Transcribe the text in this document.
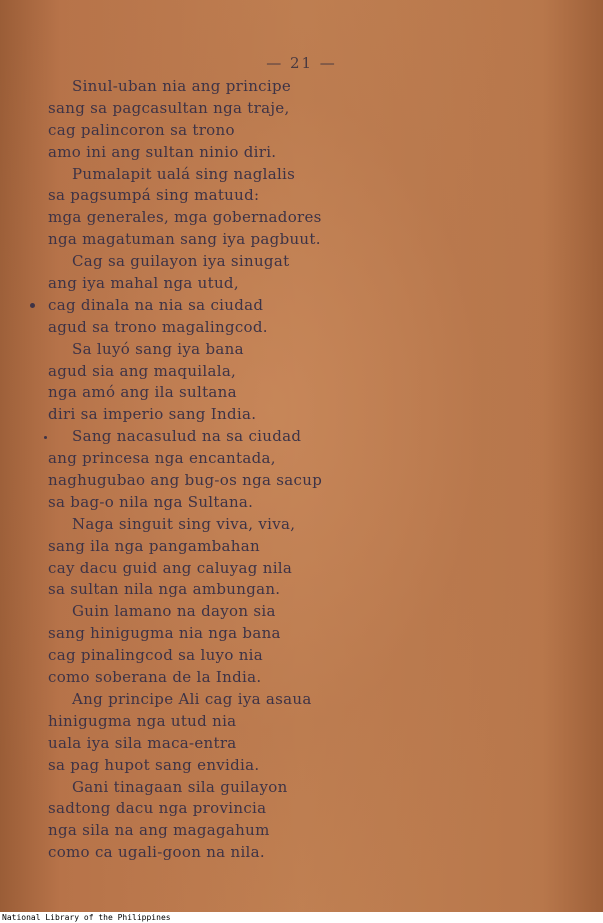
— 21 —
Sinul-uban nia ang principe
sang sa pagcasultan nga traje,
cag palincoron sa trono
amo ini ang sultan ninio diri.
Pumalapit ualá sing naglalis
sa pagsumpá sing matuud:
mga generales, mga gobernadores
nga magatuman sang iya pagbuut.
Cag sa guilayon iya sinugat
ang iya mahal nga utud,
cag dinala na nia sa ciudad
agud sa trono magalingcod.
Sa luyó sang iya bana
agud sia ang maquilala,
nga amó ang ila sultana
diri sa imperio sang India.
Sang nacasulud na sa ciudad
ang princesa nga encantada,
naghugubao ang bug-os nga sacup
sa bag-o nila nga Sultana.
Naga singuit sing viva, viva,
sang ila nga pangambahan
cay dacu guid ang caluyag nila
sa sultan nila nga ambungan.
Guin lamano na dayon sia
sang hinigugma nia nga bana
cag pinalingcod sa luyo nia
como soberana de la India.
Ang principe Ali cag iya asaua
hinigugma nga utud nia
uala iya sila maca-entra
sa pag hupot sang envidia.
Gani tinagaan sila guilayon
sadtong dacu nga provincia
nga sila na ang magagahum
como ca ugali-goon na nila.
National Library of the Philippines
